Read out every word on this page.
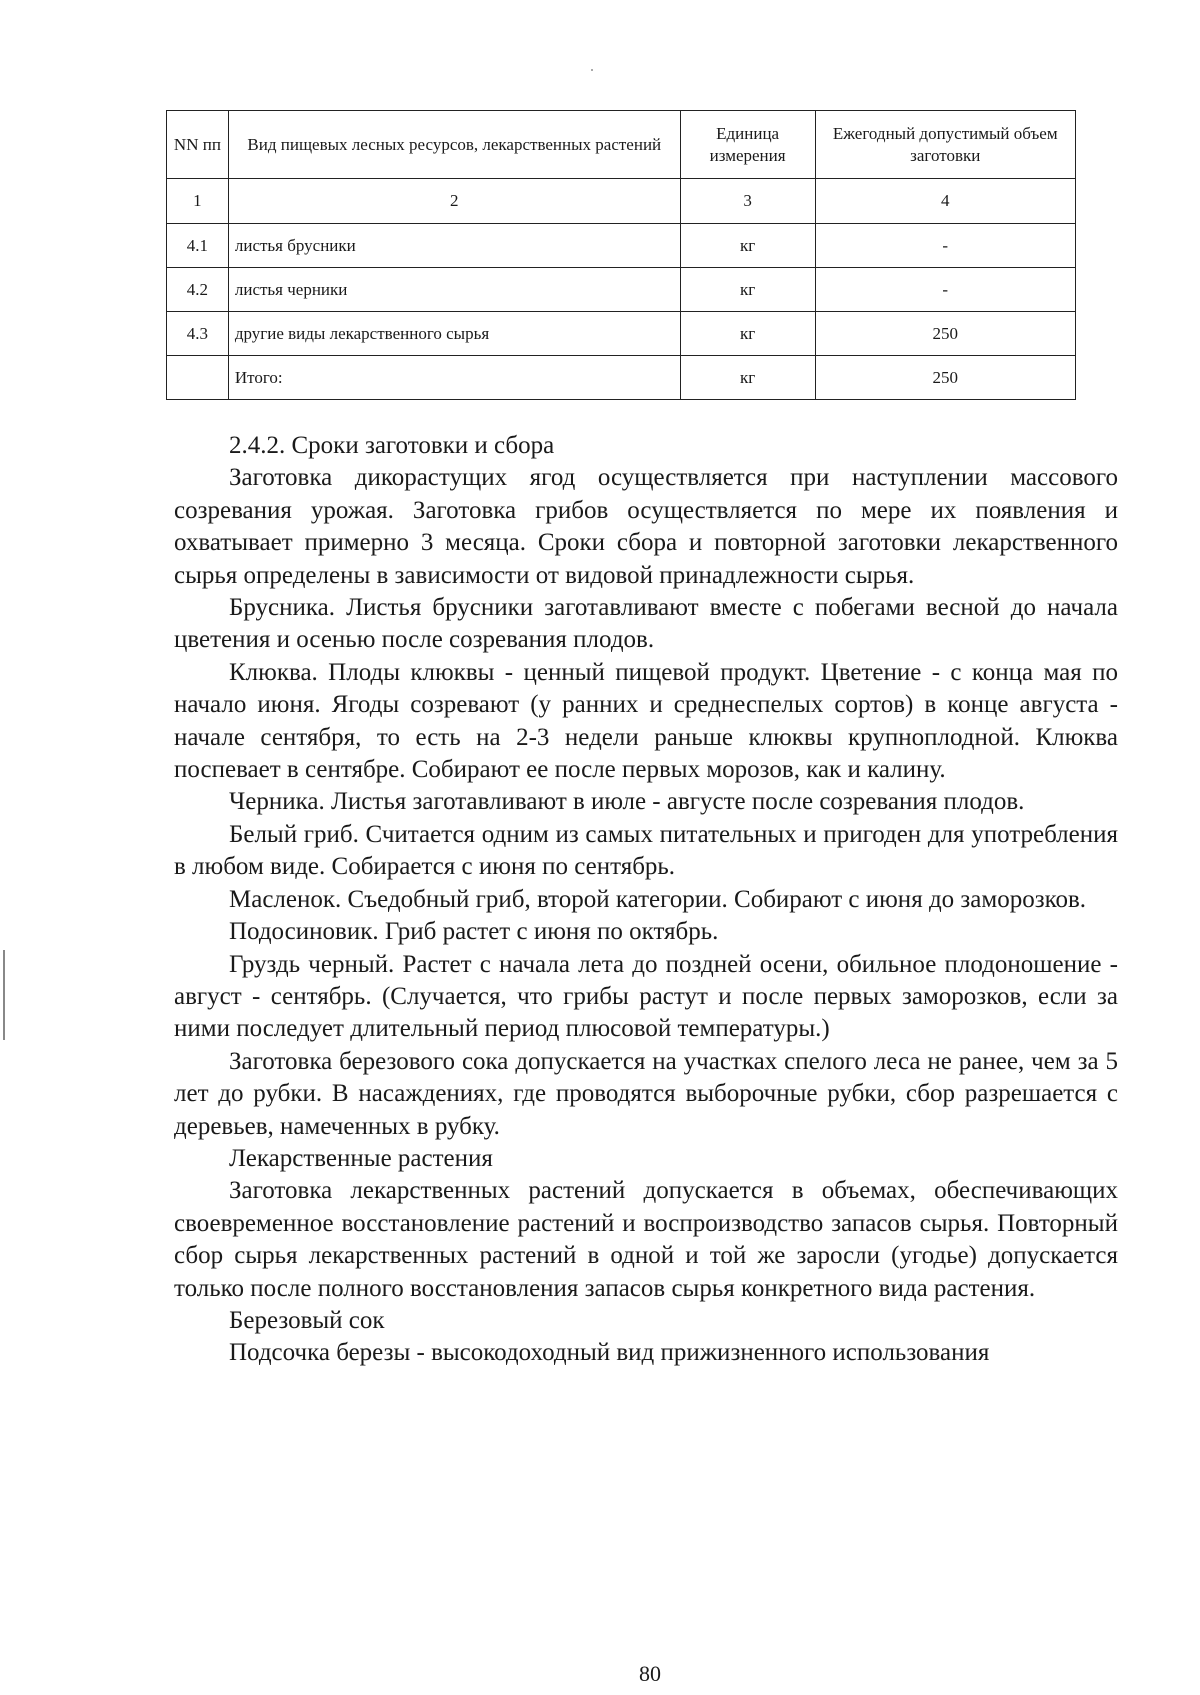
NN пп	Вид пищевых лесных ресурсов, лекарственных растений	Единица измерения	Ежегодный допустимый объем заготовки
1	2	3	4
4.1	листья брусники	кг	-
4.2	листья черники	кг	-
4.3	другие виды лекарственного сырья	кг	250
	Итого:	кг	250

2.4.2. Сроки заготовки и сбора

Заготовка дикорастущих ягод осуществляется при наступлении массового созревания урожая. Заготовка грибов осуществляется по мере их появления и охватывает примерно 3 месяца. Сроки сбора и повторной заготовки лекарственного сырья определены в зависимости от видовой принадлежности сырья.

Брусника. Листья брусники заготавливают вместе с побегами весной до начала цветения и осенью после созревания плодов.

Клюква. Плоды клюквы - ценный пищевой продукт. Цветение - с конца мая по начало июня. Ягоды созревают (у ранних и среднеспелых сортов) в конце августа - начале сентября, то есть на 2-3 недели раньше клюквы крупноплодной. Клюква поспевает в сентябре. Собирают ее после первых морозов, как и калину.

Черника. Листья заготавливают в июле - августе после созревания плодов.

Белый гриб. Считается одним из самых питательных и пригоден для употребления в любом виде. Собирается с июня по сентябрь.

Масленок. Съедобный гриб, второй категории. Собирают с июня до заморозков.

Подосиновик. Гриб растет с июня по октябрь.

Груздь черный. Растет с начала лета до поздней осени, обильное плодоношение - август - сентябрь. (Случается, что грибы растут и после первых заморозков, если за ними последует длительный период плюсовой температуры.)

Заготовка березового сока допускается на участках спелого леса не ранее, чем за 5 лет до рубки. В насаждениях, где проводятся выборочные рубки, сбор разрешается с деревьев, намеченных в рубку.

Лекарственные растения

Заготовка лекарственных растений допускается в объемах, обеспечивающих своевременное восстановление растений и воспроизводство запасов сырья. Повторный сбор сырья лекарственных растений в одной и той же заросли (угодье) допускается только после полного восстановления запасов сырья конкретного вида растения.

Березовый сок

Подсочка березы - высокодоходный вид прижизненного использования

80
